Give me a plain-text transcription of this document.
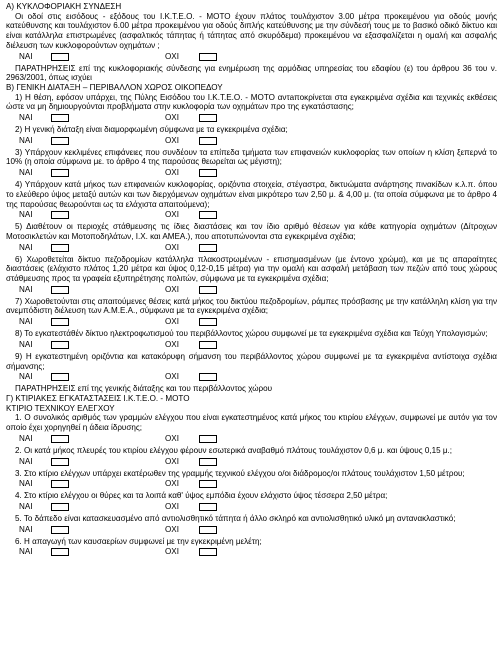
Α) ΚΥΚΛΟΦΟΡΙΑΚΗ ΣΥΝΔΕΣΗ

Οι οδοί στις εισόδους - εξόδους του Ι.Κ.Τ.Ε.Ο. - ΜΟΤΟ έχουν πλάτος τουλάχιστον 3.00 μέτρα προκειμένου για οδούς μονής κατεύθυνσης και τουλάχιστον 6.00 μέτρα προκειμένου για οδούς διπλής κατεύθυνσης με την σύνδεσή τους με το βασικό οδικό δίκτυο και είναι κατάλληλα επιστρωμένες (ασφαλτικός τάπητας ή τάπητας από σκυρόδεμα) προκειμένου να εξασφαλίζεται η ομαλή και ασφαλής διέλευση των κυκλοφορούντων οχημάτων ;

ΝΑΙ	ΟΧΙ

ΠΑΡΑΤΗΡΗΣΕΙΣ επί της κυκλοφοριακής σύνδεσης για ενημέρωση της αρμόδιας υπηρεσίας του εδαφίου (ε) του άρθρου 36 του ν. 2963/2001, όπως ισχύει

Β) ΓΕΝΙΚΗ ΔΙΑΤΑΞΗ – ΠΕΡΙΒΑΛΛΟΝ ΧΩΡΟΣ ΟΙΚΟΠΕΔΟΥ

1) Η θέση, εφόσον υπάρχει, της Πύλης Εισόδου του Ι.Κ.Τ.Ε.Ο. - ΜΟΤΟ αντaποκρίνεται στα εγκεκριμένα σχέδια και τεχνικές εκθέσεις ώστε να μη δημιουργούνται προβλήματα στην κυκλοφορία των οχημάτων προ της εγκατάστασης;

ΝΑΙ	ΟΧΙ

2) Η γενική διάταξη είναι διαμορφωμένη σύμφωνα με τα εγκεκριμένα σχέδια;

ΝΑΙ	ΟΧΙ

3) Υπάρχουν κεκλιμένες επιφάνειες που συνδέουν τα επίπεδα τμήματα των επιφανειών κυκλοφορίας των οποίων η κλίση ξεπερνά το 10% (η οποία σύμφωνα με. το άρθρο 4 της παρούσας θεωρείται ως μέγιστη);

ΝΑΙ	ΟΧΙ

4) Υπάρχουν κατά μήκος των επιφανειών κυκλοφορίας, οριζόντια στοιχεία, στέγαστρα, δικτυώματα ανάρτησης πινακίδων κ.λ.π. όπου το ελεύθερο ύψος μεταξύ αυτών και των διερχόμενων οχημάτων είναι μικρότερο των 2,50 μ. & 4,00 μ. (τα οποία σύμφωνα με το άρθρο 4 της παρούσας θεωρούνται ως τα ελάχιστα απαιτούμενα);

ΝΑΙ	ΟΧΙ

5) Διαθέτουν οι περιοχές στάθμευσης τις ίδιες διαστάσεις και τον ίδιο αριθμό θέσεων για κάθε κατηγορία οχημάτων (Δίτροχων Μοτοσικλετών και Μοτοποδηλάτων, Ι.Χ. και ΑΜΕΑ.), που αποτυπώνονται στα εγκεκριμένα σχέδια;

ΝΑΙ	ΟΧΙ

6) Χωροθετείται δίκτυο πεζοδρομίων κατάλληλα πλακοστρωμένων - επισημασμένων (με έντονο χρώμα), και με τις απαραίτητες διαστάσεις (ελάχιστο πλάτος 1,20 μέτρα και ύψος 0,12-0,15 μέτρα) για την ομαλή και ασφαλή μετάβαση των πεζών από τους χώρους στάθμευσης προς τα γραφεία εξυπηρέτησης πολιτών, σύμφωνα με τα εγκεκριμένα σχέδια;

ΝΑΙ	ΟΧΙ

7) Χωροθετούνται στις απαιτούμενες θέσεις κατά μήκος του δικτύου πεζοδρομίων, ράμπες πρόσβασης με την κατάλληλη κλίση για την ανεμπόδιστη διέλευση των Α.Μ.Ε.Α., σύμφωνα με τα εγκεκριμένα σχέδια;

ΝΑΙ	ΟΧΙ

8) Το εγκατεστάθέν δίκτυο ηλεκτροφωτισμού του περιβάλλοντος χώρου συμφωνεί με τα εγκεκριμένα σχέδια και Τεύχη Υπολογισμών;

ΝΑΙ	ΟΧΙ

9) Η εγκατεστημένη οριζόντια και κατακόρυφη σήμανση του περιβάλλοντος χώρου συμφωνεί με τα εγκεκριμένα αντίστοιχα σχέδια σήμανσης;

ΝΑΙ	ΟΧΙ

ΠΑΡΑΤΗΡΗΣΕΙΣ επί της γενικής διάταξης και του περιβάλλοντος χώρου

Γ) ΚΤΙΡΙΑΚΕΣ ΕΓΚΑΤΑΣΤΑΣΕΙΣ Ι.Κ.Τ.Ε.Ο. - ΜΟΤΟ

ΚΤΙΡΙΟ ΤΕΧΝΙΚΟΥ ΕΛΕΓΧΟΥ

1. Ο συνολικός αριθμός των γραμμών ελέγχου που είναι εγκατεστημένος κατά μήκος του κτιρίου ελέγχων, συμφωνεί με αυτόν για τον οποίο έχει χορηγηθεί η άδεια ίδρυσης;

ΝΑΙ	ΟΧΙ

2. Οι κατά μήκος πλευρές του κτιρίου ελέγχου φέρουν εσωτερικά αναβαθμό πλάτους τουλάχιστον 0,6 μ. και ύψους 0,15 μ.;

ΝΑΙ	ΟΧΙ

3. Στο κτίριο ελέγχων υπάρχει εκατέρωθεν της γραμμής τεχνικού ελέγχου ο/οι διάδρομος/οι πλάτους τουλάχιστον 1,50 μέτρου;

ΝΑΙ	ΟΧΙ

4. Στο κτίριο ελέγχου οι θύρες και τα λοιπά καθ' ύψος εμπόδια έχουν ελάχιστο ύψος τέσσερα 2,50 μέτρα;

ΝΑΙ	ΟΧΙ

5. Το δάπεδο είναι κατασκευασμένο από αντιολισθητικό τάπητα ή άλλο σκληρό και αντιολισθητικό υλικό μη αντανακλαστικό;

ΝΑΙ	ΟΧΙ

6. Η απαγωγή των καυσαερίων συμφωνεί με την εγκεκριμένη μελέτη;

ΝΑΙ	ΟΧΙ
